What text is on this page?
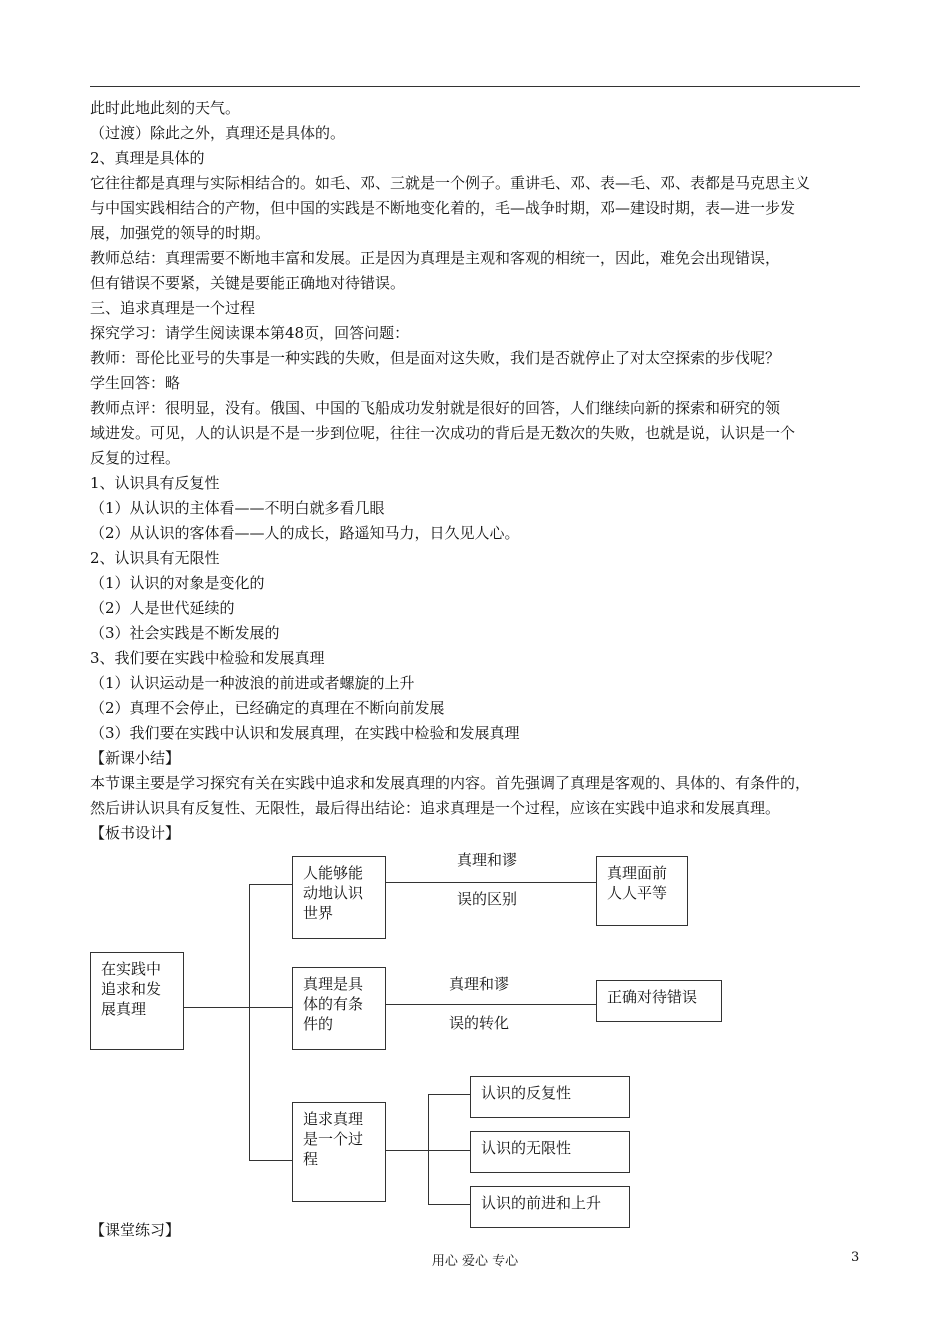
此时此地此刻的天气。
（过渡）除此之外，真理还是具体的。
2、真理是具体的
它往往都是真理与实际相结合的。如毛、邓、三就是一个例子。重讲毛、邓、表—毛、邓、表都是马克思主义
与中国实践相结合的产物，但中国的实践是不断地变化着的，毛—战争时期，邓—建设时期，表—进一步发
展，加强党的领导的时期。
教师总结：真理需要不断地丰富和发展。正是因为真理是主观和客观的相统一，因此，难免会出现错误，
但有错误不要紧，关键是要能正确地对待错误。
三、追求真理是一个过程
探究学习：请学生阅读课本第48页，回答问题：
教师：哥伦比亚号的失事是一种实践的失败，但是面对这失败，我们是否就停止了对太空探索的步伐呢？
学生回答：略
教师点评：很明显，没有。俄国、中国的飞船成功发射就是很好的回答，人们继续向新的探索和研究的领
域进发。可见，人的认识是不是一步到位呢，往往一次成功的背后是无数次的失败，也就是说，认识是一个
反复的过程。
1、认识具有反复性
（1）从认识的主体看——不明白就多看几眼
（2）从认识的客体看——人的成长，路遥知马力，日久见人心。
2、认识具有无限性
（1）认识的对象是变化的
（2）人是世代延续的
（3）社会实践是不断发展的
3、我们要在实践中检验和发展真理
（1）认识运动是一种波浪的前进或者螺旋的上升
（2）真理不会停止，已经确定的真理在不断向前发展
（3）我们要在实践中认识和发展真理，在实践中检验和发展真理
【新课小结】
本节课主要是学习探究有关在实践中追求和发展真理的内容。首先强调了真理是客观的、具体的、有条件的，
然后讲认识具有反复性、无限性，最后得出结论：追求真理是一个过程，应该在实践中追求和发展真理。
【板书设计】
在实践中追求和发展真理
人能够能动地认识世界
真理是具体的有条件的
追求真理是一个过程
真理面前人人平等
正确对待错误
认识的反复性
认识的无限性
认识的前进和上升
真理和谬
误的区别
真理和谬
误的转化
【课堂练习】
用心 爱心 专心	3
